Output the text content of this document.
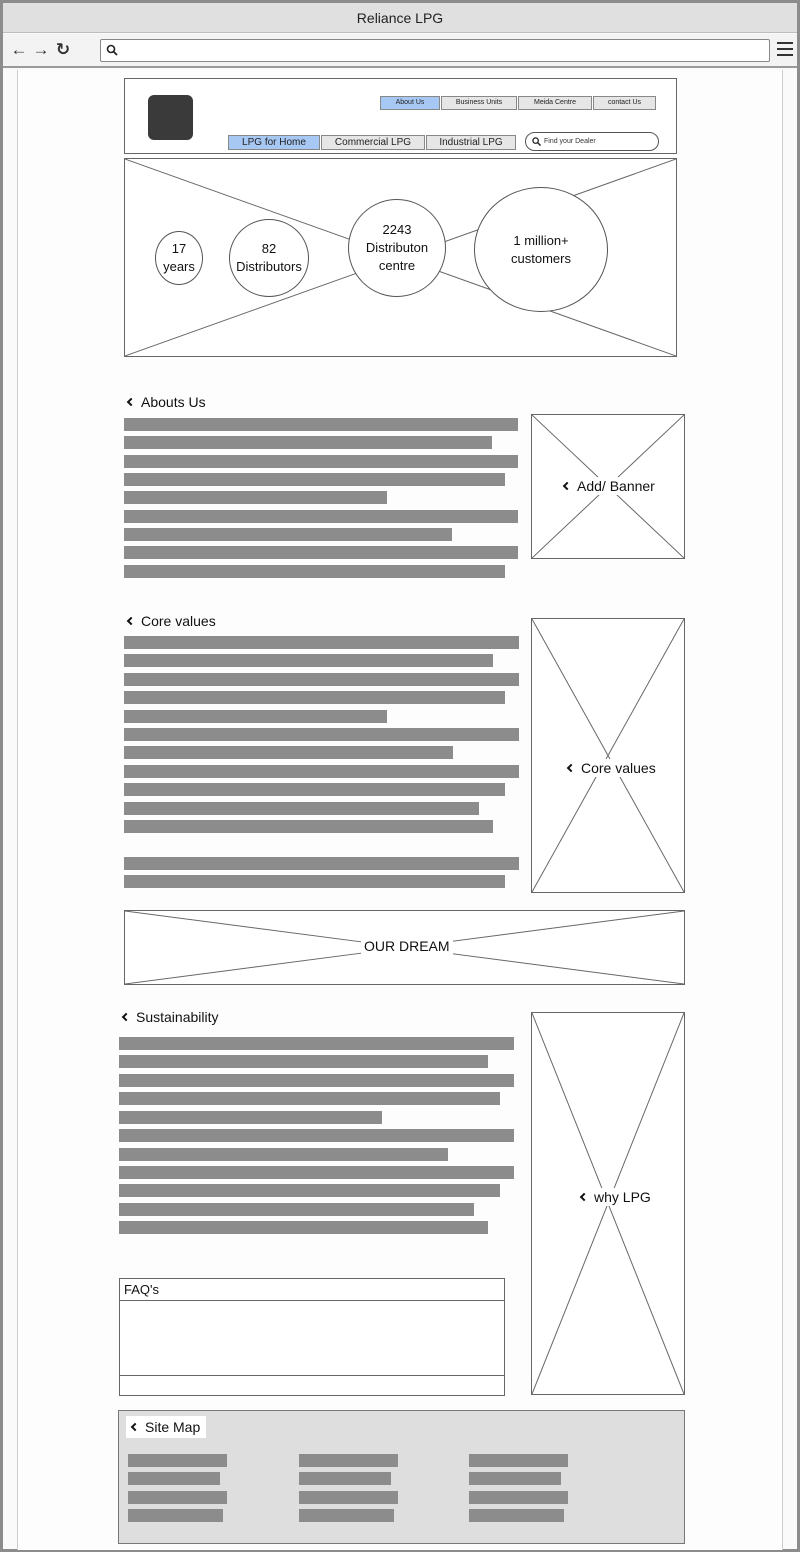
Reliance LPG
← → ↻
About Us	Business Units	Meida Centre	contact Us
LPG for Home	Commercial LPG	Industrial LPG	Find your Dealer
17
years
82
Distributors
2243
Distributon
centre
1 million+
customers
Abouts Us
Add/ Banner
Core values
Core values
OUR DREAM
Sustainability
why LPG
FAQ's
Site Map
